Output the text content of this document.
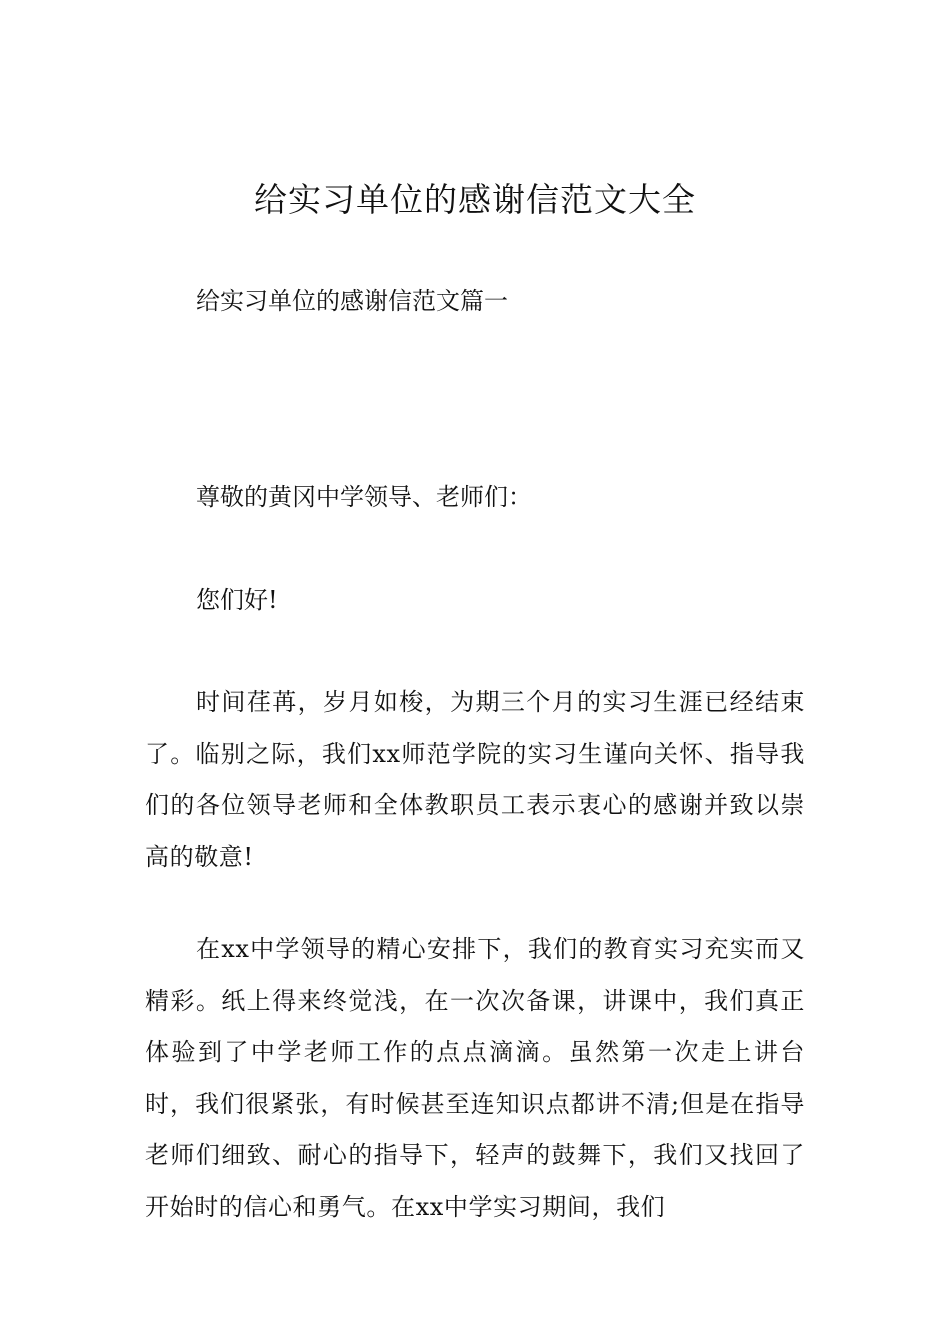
给实习单位的感谢信范文大全
给实习单位的感谢信范文篇一
尊敬的黄冈中学领导、老师们：
您们好!
时间荏苒，岁月如梭，为期三个月的实习生涯已经结束了。临别之际，我们xx师范学院的实习生谨向关怀、指导我们的各位领导老师和全体教职员工表示衷心的感谢并致以崇高的敬意!
在xx中学领导的精心安排下，我们的教育实习充实而又精彩。纸上得来终觉浅，在一次次备课，讲课中，我们真正体验到了中学老师工作的点点滴滴。虽然第一次走上讲台时，我们很紧张，有时候甚至连知识点都讲不清;但是在指导老师们细致、耐心的指导下，轻声的鼓舞下，我们又找回了开始时的信心和勇气。在xx中学实习期间，我们
